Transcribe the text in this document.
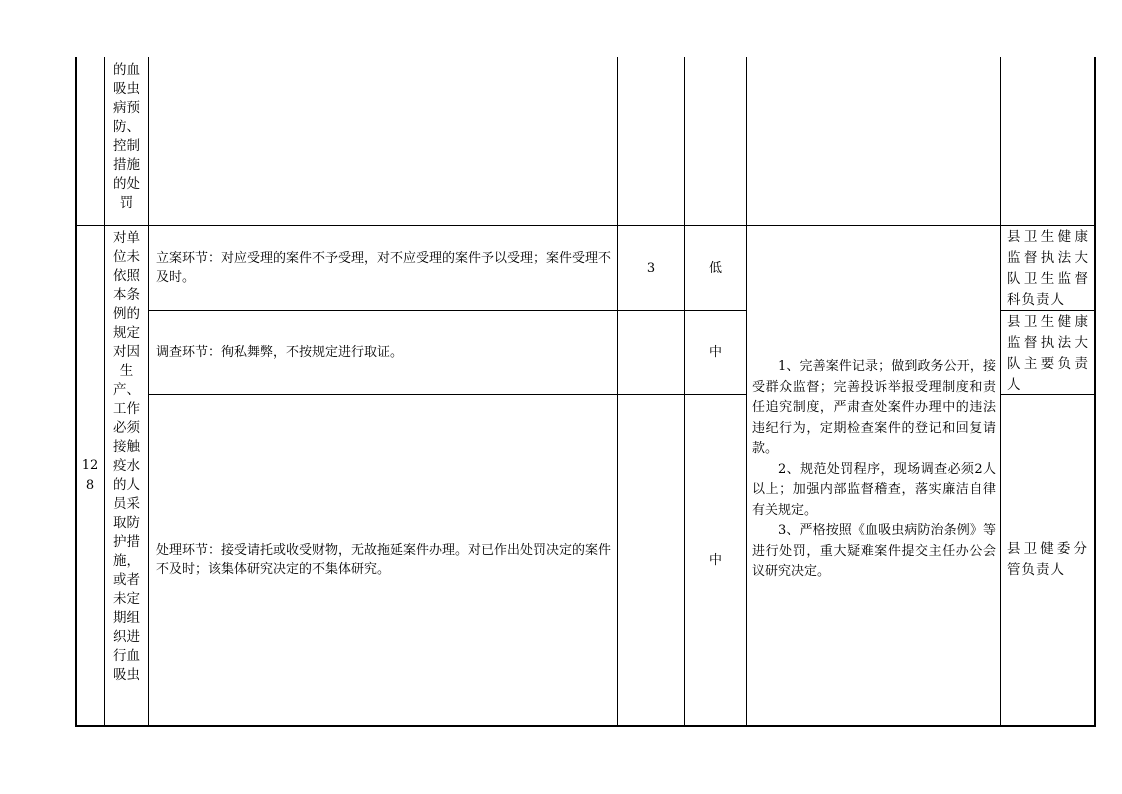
的血
吸虫
病预
防、
控制
措施
的处
罚
12
8
对单
位未
依照
本条
例的
规定
对因
生
产、
工作
必须
接触
疫水
的人
员采
取防
护措
施，
或者
未定
期组
织进
行血
吸虫
立案环节：对应受理的案件不予受理，对不应受理的案件予以受理；案件受理不及时。
3	低
县卫生健康监督执法大队卫生监督科负责人
调查环节：徇私舞弊，不按规定进行取证。	中
县卫生健康监督执法大队主要负责人
处理环节：接受请托或收受财物，无故拖延案件办理。对已作出处罚决定的案件不及时；该集体研究决定的不集体研究。
中
县卫健委分管负责人

1、完善案件记录；做到政务公开，接受群众监督；完善投诉举报受理制度和责任追究制度，严肃查处案件办理中的违法违纪行为，定期检查案件的登记和回复请款。

2、规范处罚程序，现场调查必须2人以上；加强内部监督稽查，落实廉洁自律有关规定。

3、严格按照《血吸虫病防治条例》等进行处罚，重大疑难案件提交主任办公会议研究决定。
